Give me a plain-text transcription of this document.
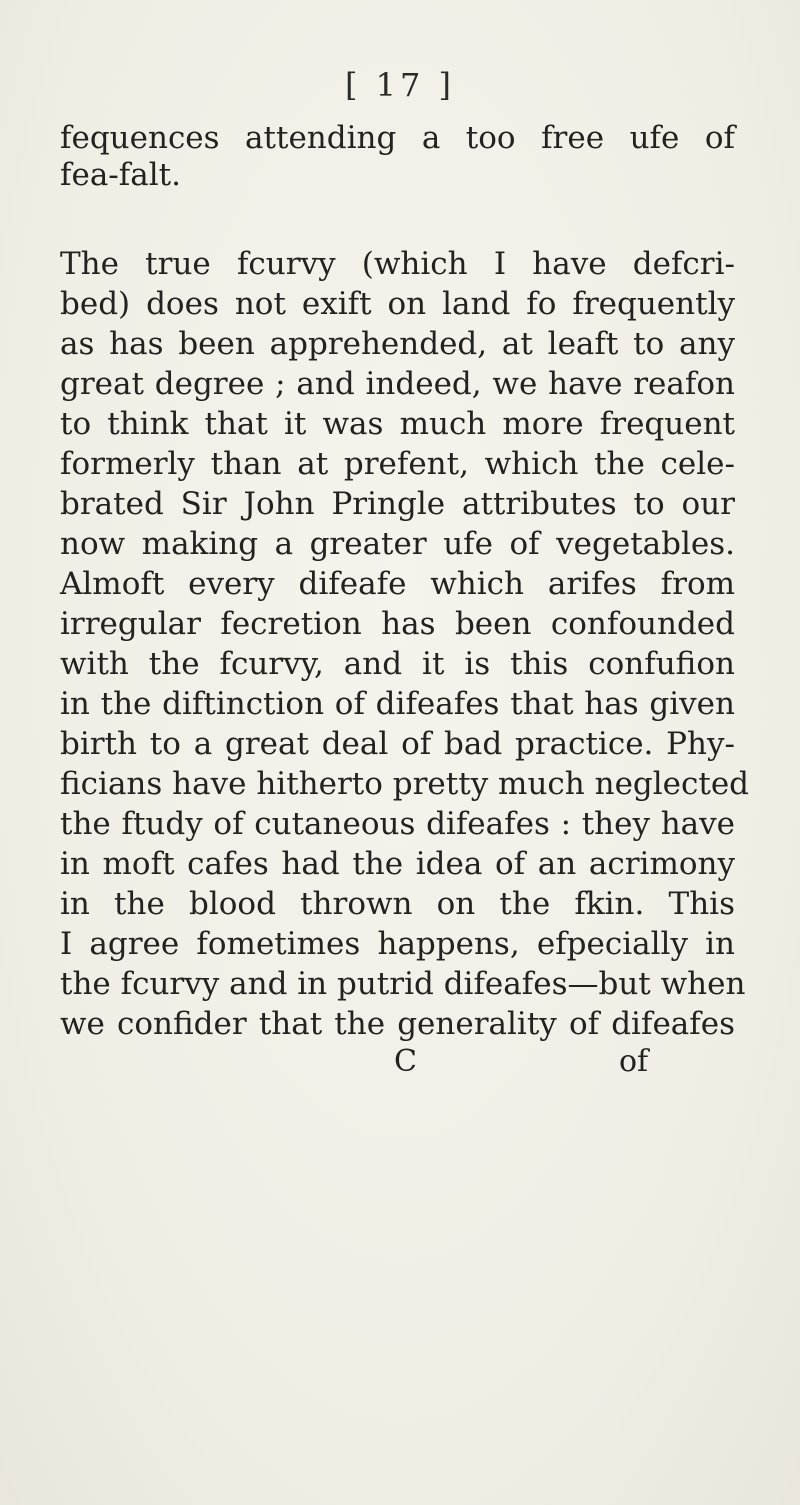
[ 17 ]
fequences attending a too free ufe of
fea-falt.
The true fcurvy (which I have defcri-
bed) does not exift on land fo frequently
as has been apprehended, at leaft to any
great degree ; and indeed, we have reafon
to think that it was much more frequent
formerly than at prefent, which the cele-
brated Sir John Pringle attributes to our
now making a greater ufe of vegetables.
Almoft every difeafe which arifes from
irregular fecretion has been confounded
with the fcurvy, and it is this confufion
in the diftinction of difeafes that has given
birth to a great deal of bad practice. Phy-
ficians have hitherto pretty much neglected
the ftudy of cutaneous difeafes : they have
in moft cafes had the idea of an acrimony
in the blood thrown on the fkin. This
I agree fometimes happens, efpecially in
the fcurvy and in putrid difeafes—but when
we confider that the generality of difeafes
C	of
